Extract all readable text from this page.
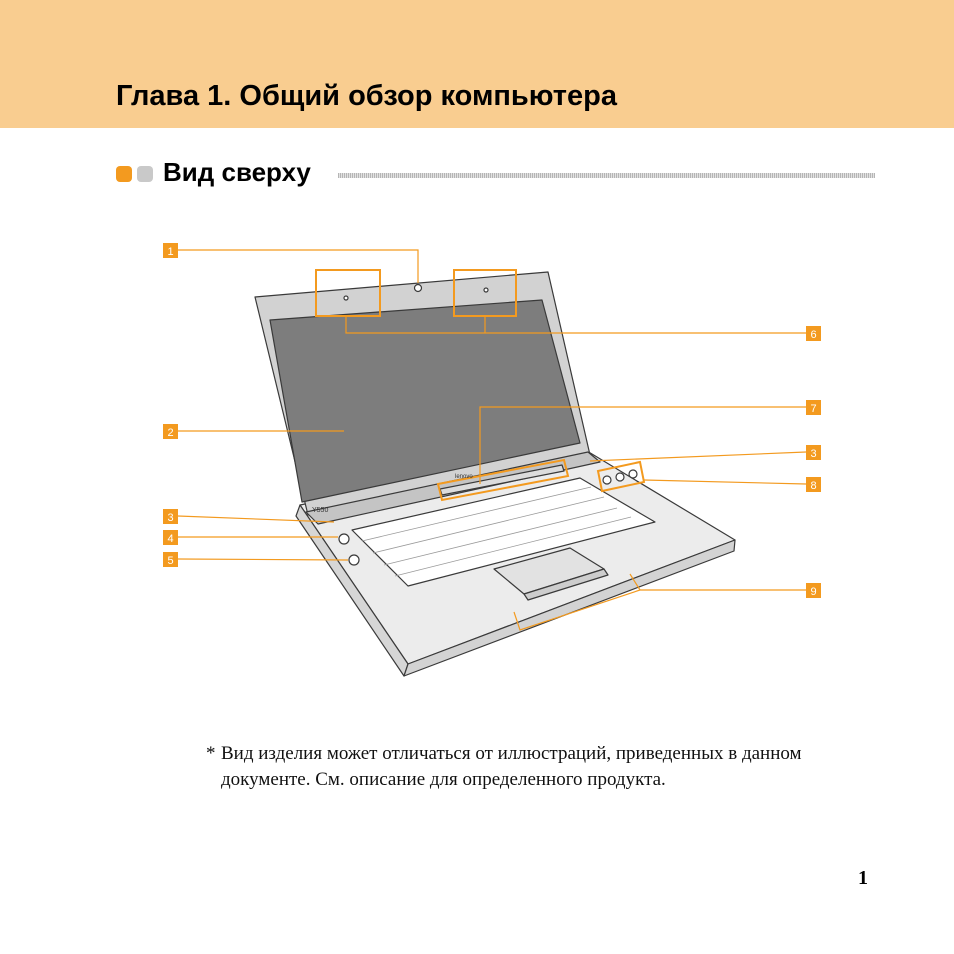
Глава 1. Общий обзор компьютера
Вид сверху
1
2
3
4
5
6
7
3
8
9
lenovo
Y550
* Вид изделия может отличаться от иллюстраций, приведенных в данном документе. См. описание для определенного продукта.
1
